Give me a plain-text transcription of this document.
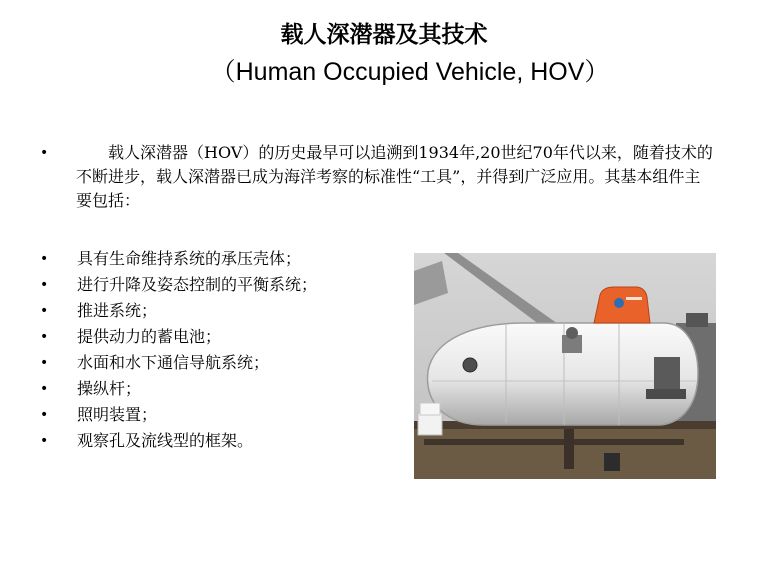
载人深潜器及其技术
（Human Occupied Vehicle, HOV）
•	载人深潜器（HOV）的历史最早可以追溯到1934年,20世纪70年代以来，随着技术的不断进步，载人深潜器已成为海洋考察的标准性“工具”，并得到广泛应用。其基本组件主要包括：
• 具有生命维持系统的承压壳体；
• 进行升降及姿态控制的平衡系统；
• 推进系统；
• 提供动力的蓄电池；
• 水面和水下通信导航系统；
• 操纵杆；
• 照明装置；
• 观察孔及流线型的框架。
